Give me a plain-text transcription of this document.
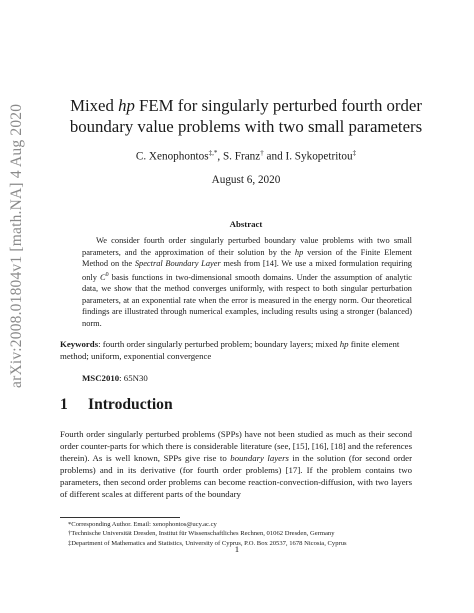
arXiv:2008.01804v1 [math.NA] 4 Aug 2020	Mixed hp FEM for singularly perturbed fourth order
boundary value problems with two small parameters
C. Xenophontos‡,*, S. Franz† and I. Sykopetritou‡
August 6, 2020
Abstract
We consider fourth order singularly perturbed boundary value problems with two small parameters, and the approximation of their solution by the hp version of the Finite Element Method on the Spectral Boundary Layer mesh from [14]. We use a mixed formulation requiring only $C^0$ basis functions in two-dimensional smooth domains. Under the assumption of analytic data, we show that the method converges uniformly, with respect to both singular perturbation parameters, at an exponential rate when the error is measured in the energy norm. Our theoretical findings are illustrated through numerical examples, including results using a stronger (balanced) norm.
Keywords: fourth order singularly perturbed problem; boundary layers; mixed hp finite element method; uniform, exponential convergence
MSC2010: 65N30
1 Introduction
Fourth order singularly perturbed problems (SPPs) have not been studied as much as their second order counter-parts for which there is considerable literature (see, [15], [16], [18] and the references therein). As is well known, SPPs give rise to boundary layers in the solution (for second order problems) and in its derivative (for fourth order problems) [17]. If the problem contains two parameters, then second order problems can become reaction-convection-diffusion, with two layers of different scales at different parts of the boundary

*Corresponding Author. Email: xenophontos@ucy.ac.cy

†Technische Universität Dresden, Institut für Wissenschaftliches Rechnen, 01062 Dresden, Germany

‡Department of Mathematics and Statistics, University of Cyprus, P.O. Box 20537, 1678 Nicosia, Cyprus

1
